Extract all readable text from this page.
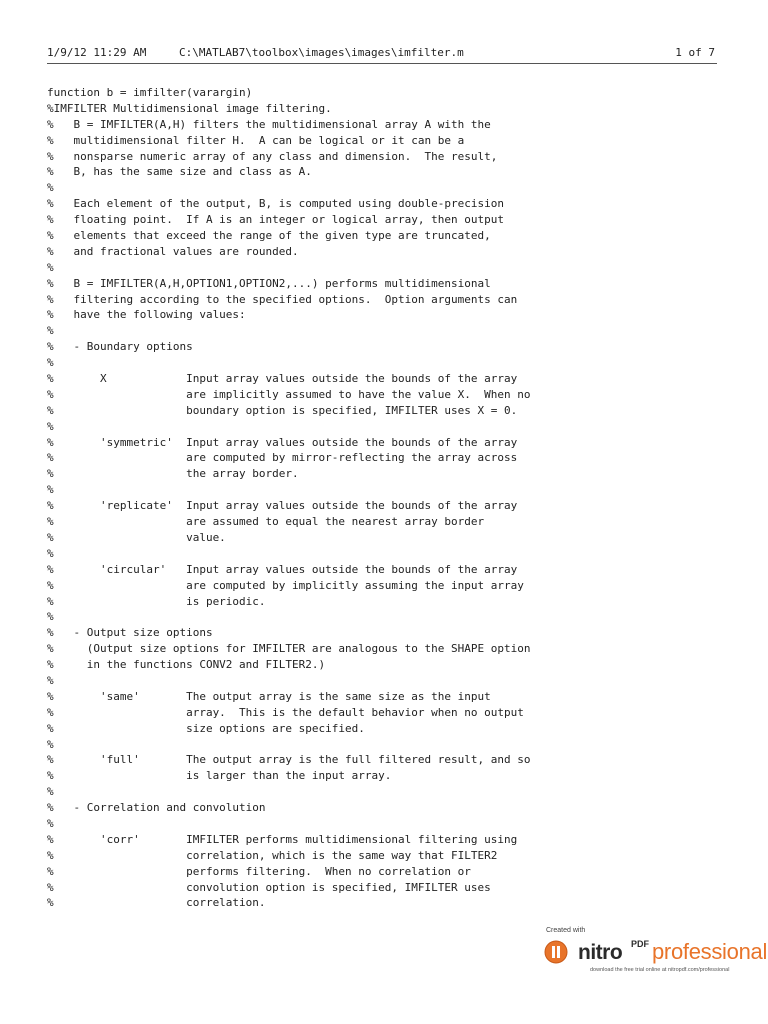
1/9/12 11:29 AM

	C:\MATLAB7\toolbox\images\images\imfilter.m

	1 of 7

function b = imfilter(varargin)
%IMFILTER Multidimensional image filtering.
%   B = IMFILTER(A,H) filters the multidimensional array A with the
%   multidimensional filter H.  A can be logical or it can be a
%   nonsparse numeric array of any class and dimension.  The result,
%   B, has the same size and class as A.
%
%   Each element of the output, B, is computed using double-precision
%   floating point.  If A is an integer or logical array, then output
%   elements that exceed the range of the given type are truncated,
%   and fractional values are rounded.
%
%   B = IMFILTER(A,H,OPTION1,OPTION2,...) performs multidimensional
%   filtering according to the specified options.  Option arguments can
%   have the following values:
%
%   - Boundary options
%
%       X            Input array values outside the bounds of the array
%                    are implicitly assumed to have the value X.  When no
%                    boundary option is specified, IMFILTER uses X = 0.
%
%       'symmetric'  Input array values outside the bounds of the array
%                    are computed by mirror-reflecting the array across
%                    the array border.
%
%       'replicate'  Input array values outside the bounds of the array
%                    are assumed to equal the nearest array border
%                    value.
%
%       'circular'   Input array values outside the bounds of the array
%                    are computed by implicitly assuming the input array
%                    is periodic.
%
%   - Output size options
%     (Output size options for IMFILTER are analogous to the SHAPE option
%     in the functions CONV2 and FILTER2.)
%
%       'same'       The output array is the same size as the input
%                    array.  This is the default behavior when no output
%                    size options are specified.
%
%       'full'       The output array is the full filtered result, and so
%                    is larger than the input array.
%
%   - Correlation and convolution
%
%       'corr'       IMFILTER performs multidimensional filtering using
%                    correlation, which is the same way that FILTER2
%                    performs filtering.  When no correlation or
%                    convolution option is specified, IMFILTER uses
%                    correlation.
Created with
nitro PDF professional
download the free trial online at nitropdf.com/professional
